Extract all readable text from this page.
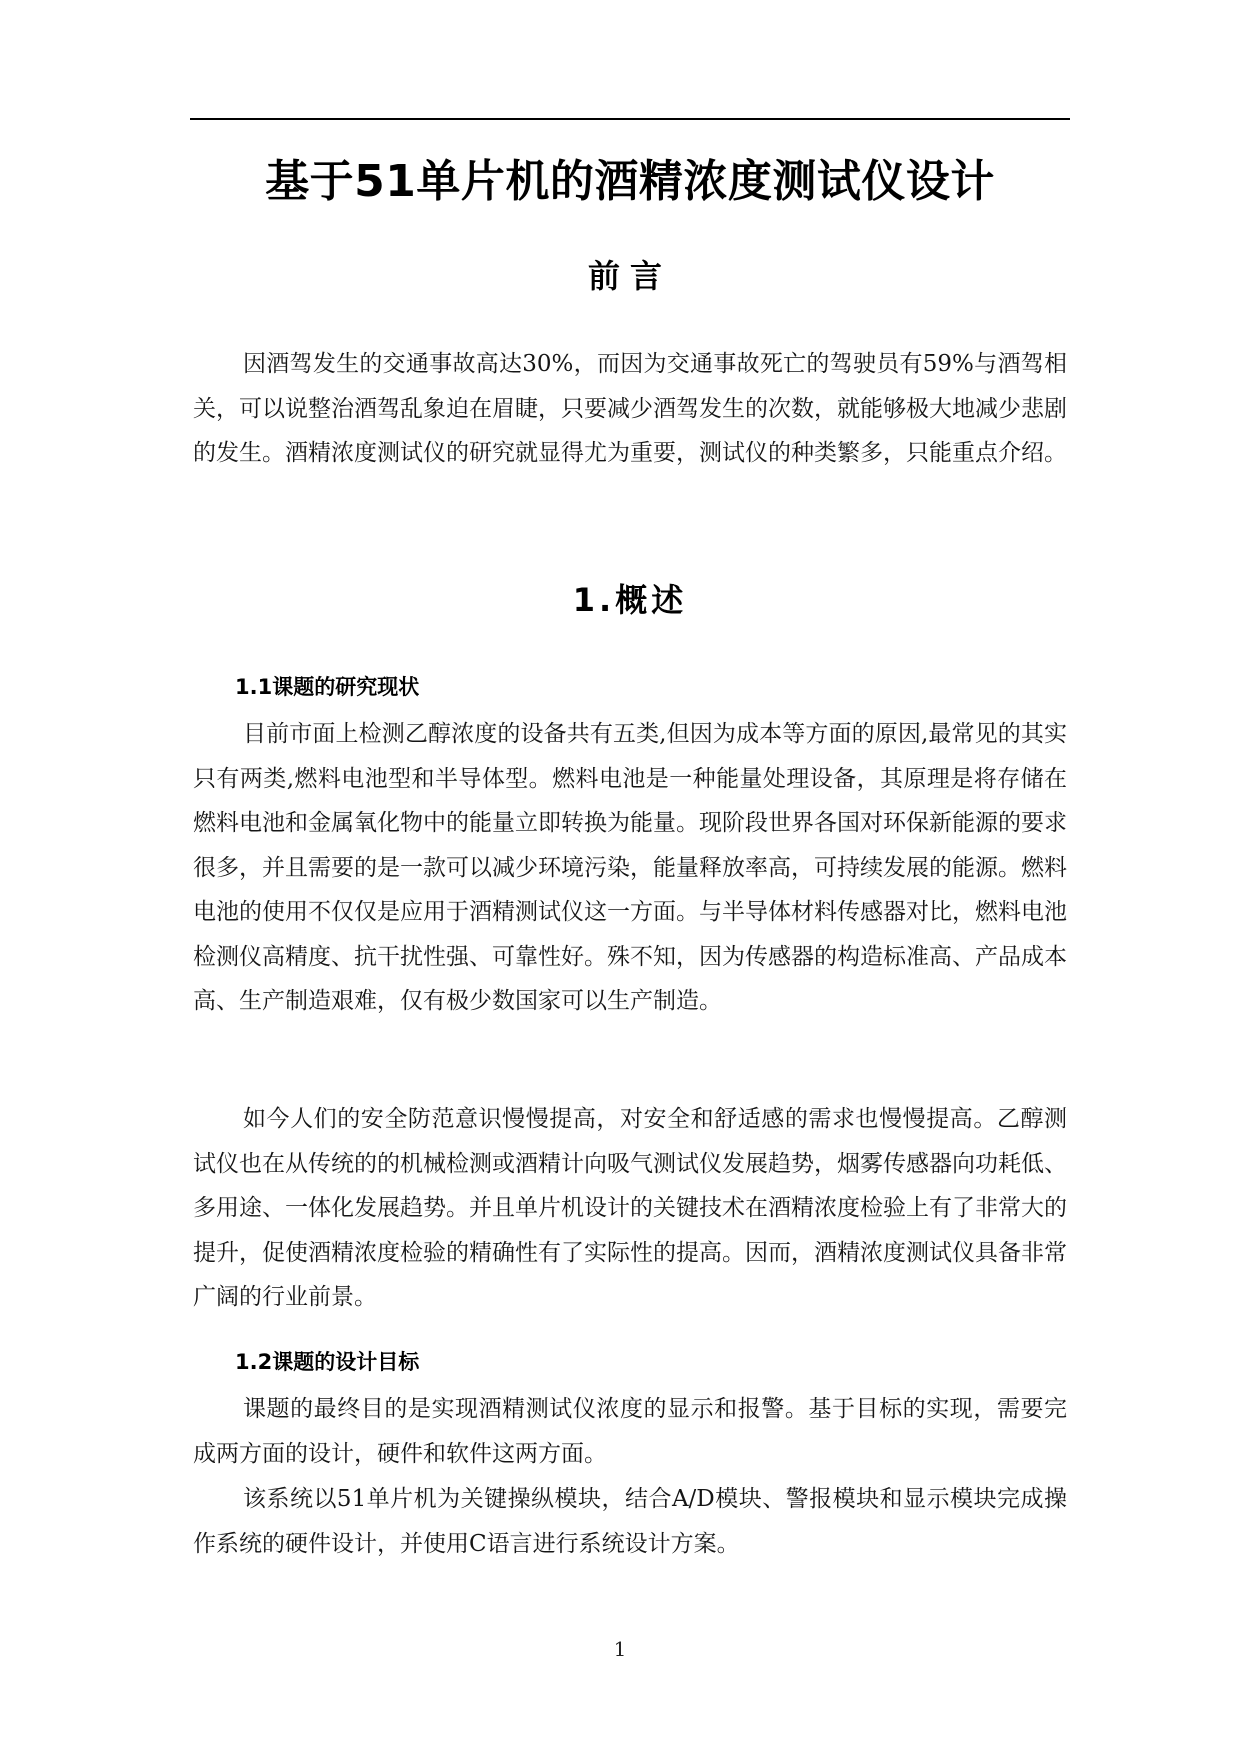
基于51单片机的酒精浓度测试仪设计
前言

因酒驾发生的交通事故高达30%，而因为交通事故死亡的驾驶员有59%与酒驾相关，可以说整治酒驾乱象迫在眉睫，只要减少酒驾发生的次数，就能够极大地减少悲剧的发生。酒精浓度测试仪的研究就显得尤为重要，测试仪的种类繁多，只能重点介绍。

1.概述
1.1课题的研究现状

目前市面上检测乙醇浓度的设备共有五类,但因为成本等方面的原因,最常见的其实只有两类,燃料电池型和半导体型。燃料电池是一种能量处理设备，其原理是将存储在燃料电池和金属氧化物中的能量立即转换为能量。现阶段世界各国对环保新能源的要求很多，并且需要的是一款可以减少环境污染，能量释放率高，可持续发展的能源。燃料电池的使用不仅仅是应用于酒精测试仪这一方面。与半导体材料传感器对比，燃料电池检测仪高精度、抗干扰性强、可靠性好。殊不知，因为传感器的构造标准高、产品成本高、生产制造艰难，仅有极少数国家可以生产制造。

如今人们的安全防范意识慢慢提高，对安全和舒适感的需求也慢慢提高。乙醇测试仪也在从传统的的机械检测或酒精计向吸气测试仪发展趋势，烟雾传感器向功耗低、多用途、一体化发展趋势。并且单片机设计的关键技术在酒精浓度检验上有了非常大的提升，促使酒精浓度检验的精确性有了实际性的提高。因而，酒精浓度测试仪具备非常广阔的行业前景。

1.2课题的设计目标

课题的最终目的是实现酒精测试仪浓度的显示和报警。基于目标的实现，需要完成两方面的设计，硬件和软件这两方面。

该系统以51单片机为关键操纵模块，结合A/D模块、警报模块和显示模块完成操作系统的硬件设计，并使用C语言进行系统设计方案。

1
